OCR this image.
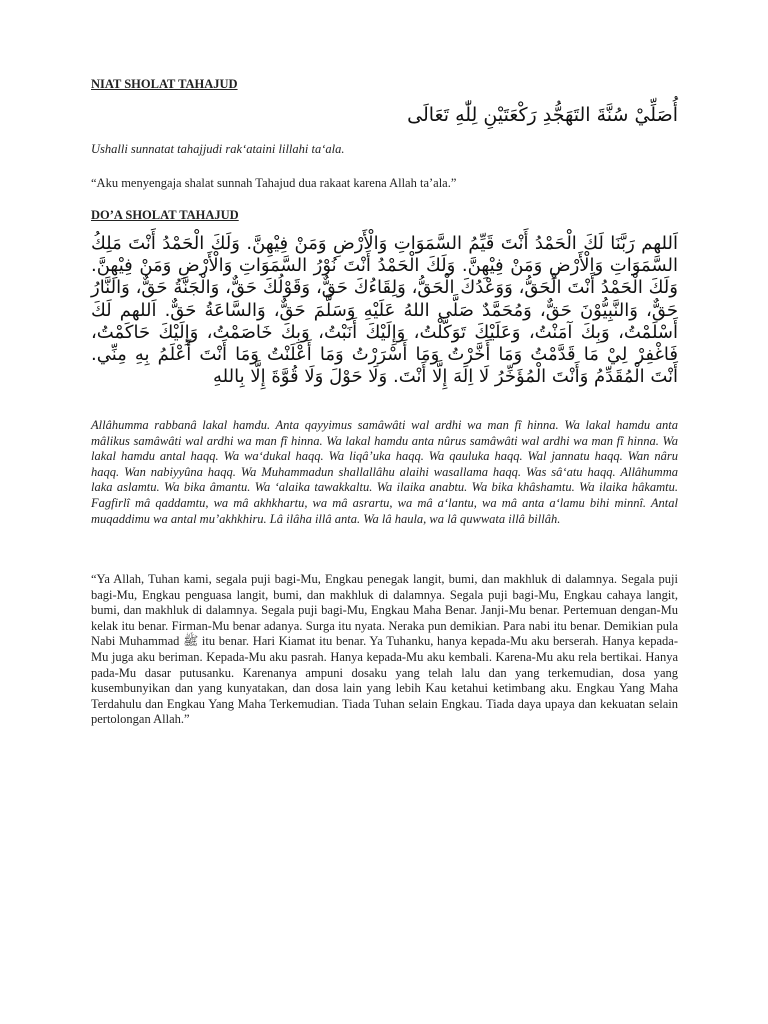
NIAT SHOLAT TAHAJUD
أُصَلِّيْ سُنَّةَ التَهَجُّدِ رَكْعَتَيْنِ لِلّٰهِ تَعَالَى
Ushalli sunnatat tahajjudi rak‘ataini lillahi ta‘ala.
“Aku menyengaja shalat sunnah Tahajud dua rakaat karena Allah ta’ala.”
DO’A SHOLAT TAHAJUD
اَللهم رَبَّنَا لَكَ الْحَمْدُ أَنْتَ قَيِّمُ السَّمَوَاتِ وَالْأَرْضِ وَمَنْ فِيْهِنَّ. وَلَكَ الْحَمْدُ أَنْتَ مَلِكُ السَّمَوَاتِ وَالْأَرْضِ وَمَنْ فِيْهِنَّ. وَلَكَ الْحَمْدُ أَنْتَ نُوْرُ السَّمَوَاتِ وَالْأَرْضِ وَمَنْ فِيْهِنَّ. وَلَكَ الْحَمْدُ أَنْتَ الْحَقُّ، وَوَعْدُكَ الْحَقُّ، وَلِقَاءُكَ حَقٌّ، وَقَوْلُكَ حَقٌّ، وَالْجَنَّةُ حَقٌّ، وَالنَّارُ حَقٌّ، وَالنَّبِيُّوْنَ حَقٌّ، وَمُحَمَّدٌ صَلَّى اللهُ عَلَيْهِ وَسَلَّمَ حَقٌّ، وَالسَّاعَةُ حَقٌّ. اَللهم لَكَ أَسْلَمْتُ، وَبِكَ آمَنْتُ، وَعَلَيْكَ تَوَكَّلْتُ، وَإِلَيْكَ أَنَبْتُ، وَبِكَ خَاصَمْتُ، وَإِلَيْكَ حَاكَمْتُ، فَاغْفِرْ لِيْ مَا قَدَّمْتُ وَمَا أَخَّرْتُ وَمَا أَسْرَرْتُ وَمَا أَعْلَنْتُ وَمَا أَنْتَ أَعْلَمُ بِهِ مِنِّي. أَنْتَ الْمُقَدِّمُ وَأَنْتَ الْمُؤَخِّرُ لَا اِلَهَ إِلَّا أَنْتَ. وَلَا حَوْلَ وَلَا قُوَّةَ إِلَّا بِاللهِ
Allâhumma rabbanâ lakal hamdu. Anta qayyimus samâwâti wal ardhi wa man fî hinna. Wa lakal hamdu anta mâlikus samâwâti wal ardhi wa man fî hinna. Wa lakal hamdu anta nûrus samâwâti wal ardhi wa man fî hinna. Wa lakal hamdu antal haqq. Wa wa‘dukal haqq. Wa liqâ’uka haqq. Wa qauluka haqq. Wal jannatu haqq. Wan nâru haqq. Wan nabiyyûna haqq. Wa Muhammadun shallallâhu alaihi wasallama haqq. Was sâ‘atu haqq. Allâhumma laka aslamtu. Wa bika âmantu. Wa ‘alaika tawakkaltu. Wa ilaika anabtu. Wa bika khâshamtu. Wa ilaika hâkamtu. Fagfirlî mâ qaddamtu, wa mâ akhkhartu, wa mâ asrartu, wa mâ a‘lantu, wa mâ anta a‘lamu bihi minnî. Antal muqaddimu wa antal mu’akhkhiru. Lâ ilâha illâ anta. Wa lâ haula, wa lâ quwwata illâ billâh.
“Ya Allah, Tuhan kami, segala puji bagi-Mu, Engkau penegak langit, bumi, dan makhluk di dalamnya. Segala puji bagi-Mu, Engkau penguasa langit, bumi, dan makhluk di dalamnya. Segala puji bagi-Mu, Engkau cahaya langit, bumi, dan makhluk di dalamnya. Segala puji bagi-Mu, Engkau Maha Benar. Janji-Mu benar. Pertemuan dengan-Mu kelak itu benar. Firman-Mu benar adanya. Surga itu nyata. Neraka pun demikian. Para nabi itu benar. Demikian pula Nabi Muhammad ﷺ itu benar. Hari Kiamat itu benar. Ya Tuhanku, hanya kepada-Mu aku berserah. Hanya kepada-Mu juga aku beriman. Kepada-Mu aku pasrah. Hanya kepada-Mu aku kembali. Karena-Mu aku rela bertikai. Hanya pada-Mu dasar putusanku. Karenanya ampuni dosaku yang telah lalu dan yang terkemudian, dosa yang kusembunyikan dan yang kunyatakan, dan dosa lain yang lebih Kau ketahui ketimbang aku. Engkau Yang Maha Terdahulu dan Engkau Yang Maha Terkemudian. Tiada Tuhan selain Engkau. Tiada daya upaya dan kekuatan selain pertolongan Allah.”
